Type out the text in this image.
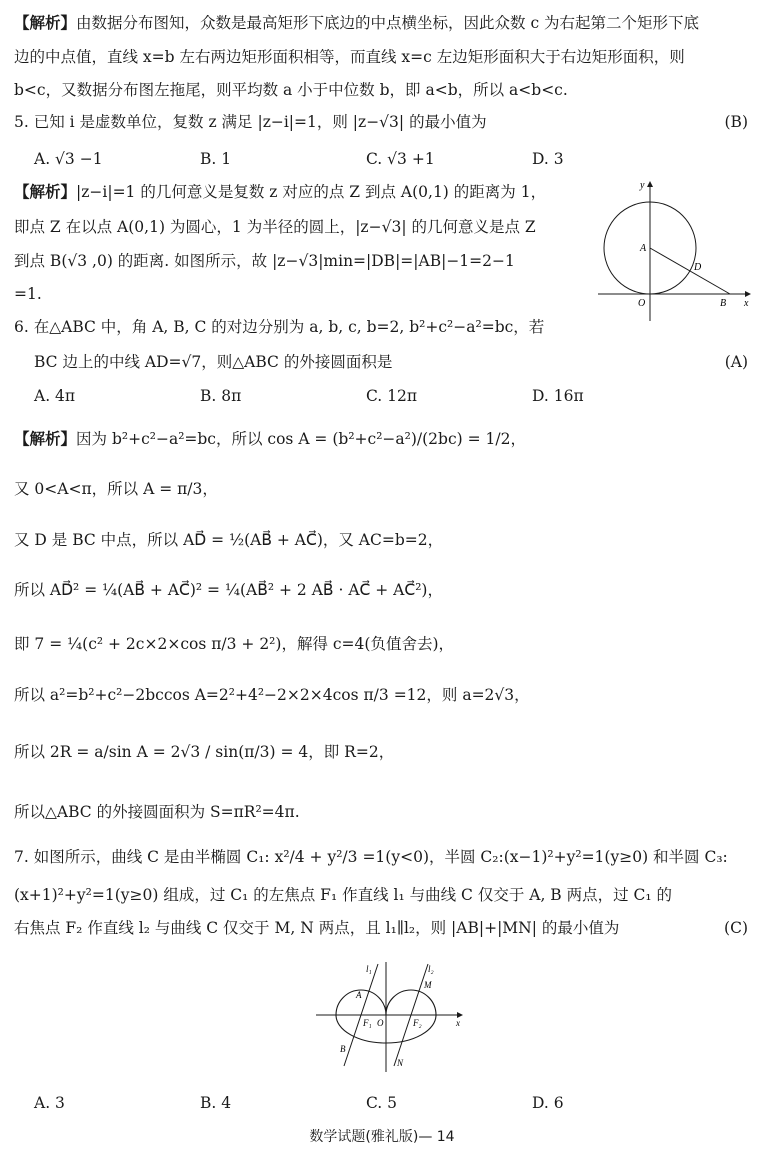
【解析】由数据分布图知，众数是最高矩形下底边的中点横坐标，因此众数 c 为右起第二个矩形下底
边的中点值，直线 x=b 左右两边矩形面积相等，而直线 x=c 左边矩形面积大于右边矩形面积，则
b<c，又数据分布图左拖尾，则平均数 a 小于中位数 b，即 a<b，所以 a<b<c.
5. 已知 i 是虚数单位，复数 z 满足 |z−i|=1，则 |z−√3| 的最小值为	(B)
A. √3 −1	B. 1	C. √3 +1	D. 3
【解析】|z−i|=1 的几何意义是复数 z 对应的点 Z 到点 A(0,1) 的距离为 1，
即点 Z 在以点 A(0,1) 为圆心，1 为半径的圆上，|z−√3| 的几何意义是点 Z
到点 B(√3 ,0) 的距离. 如图所示，故 |z−√3|min=|DB|=|AB|−1=2−1
=1.
y
A
D
O	B x
6. 在△ABC 中，角 A, B, C 的对边分别为 a, b, c, b=2, b²+c²−a²=bc，若
BC 边上的中线 AD=√7，则△ABC 的外接圆面积是	(A)
A. 4π	B. 8π	C. 12π	D. 16π
【解析】因为 b²+c²−a²=bc，所以 cos A = (b²+c²−a²)/(2bc) = 1/2，
又 0<A<π，所以 A = π/3，
又 D 是 BC 中点，所以 AD⃗ = ½(AB⃗ + AC⃗)，又 AC=b=2，
所以 AD⃗² = ¼(AB⃗ + AC⃗)² = ¼(AB⃗² + 2 AB⃗ · AC⃗ + AC⃗²)，
即 7 = ¼(c² + 2c×2×cos π/3 + 2²)，解得 c=4(负值舍去)，
所以 a²=b²+c²−2bccos A=2²+4²−2×2×4cos π/3 =12，则 a=2√3，
所以 2R = a/sin A = 2√3 / sin(π/3) = 4，即 R=2，
所以△ABC 的外接圆面积为 S=πR²=4π.
7. 如图所示，曲线 C 是由半椭圆 C₁: x²/4 + y²/3 =1(y<0)，半圆 C₂:(x−1)²+y²=1(y≥0) 和半圆 C₃:
(x+1)²+y²=1(y≥0) 组成，过 C₁ 的左焦点 F₁ 作直线 l₁ 与曲线 C 仅交于 A, B 两点，过 C₁ 的
右焦点 F₂ 作直线 l₂ 与曲线 C 仅交于 M, N 两点，且 l₁∥l₂，则 |AB|+|MN| 的最小值为	(C)
l₁	l₂
A
M
F₁ O	F₂	x
B
N
A. 3	B. 4	C. 5	D. 6
数学试题(雅礼版)— 14
